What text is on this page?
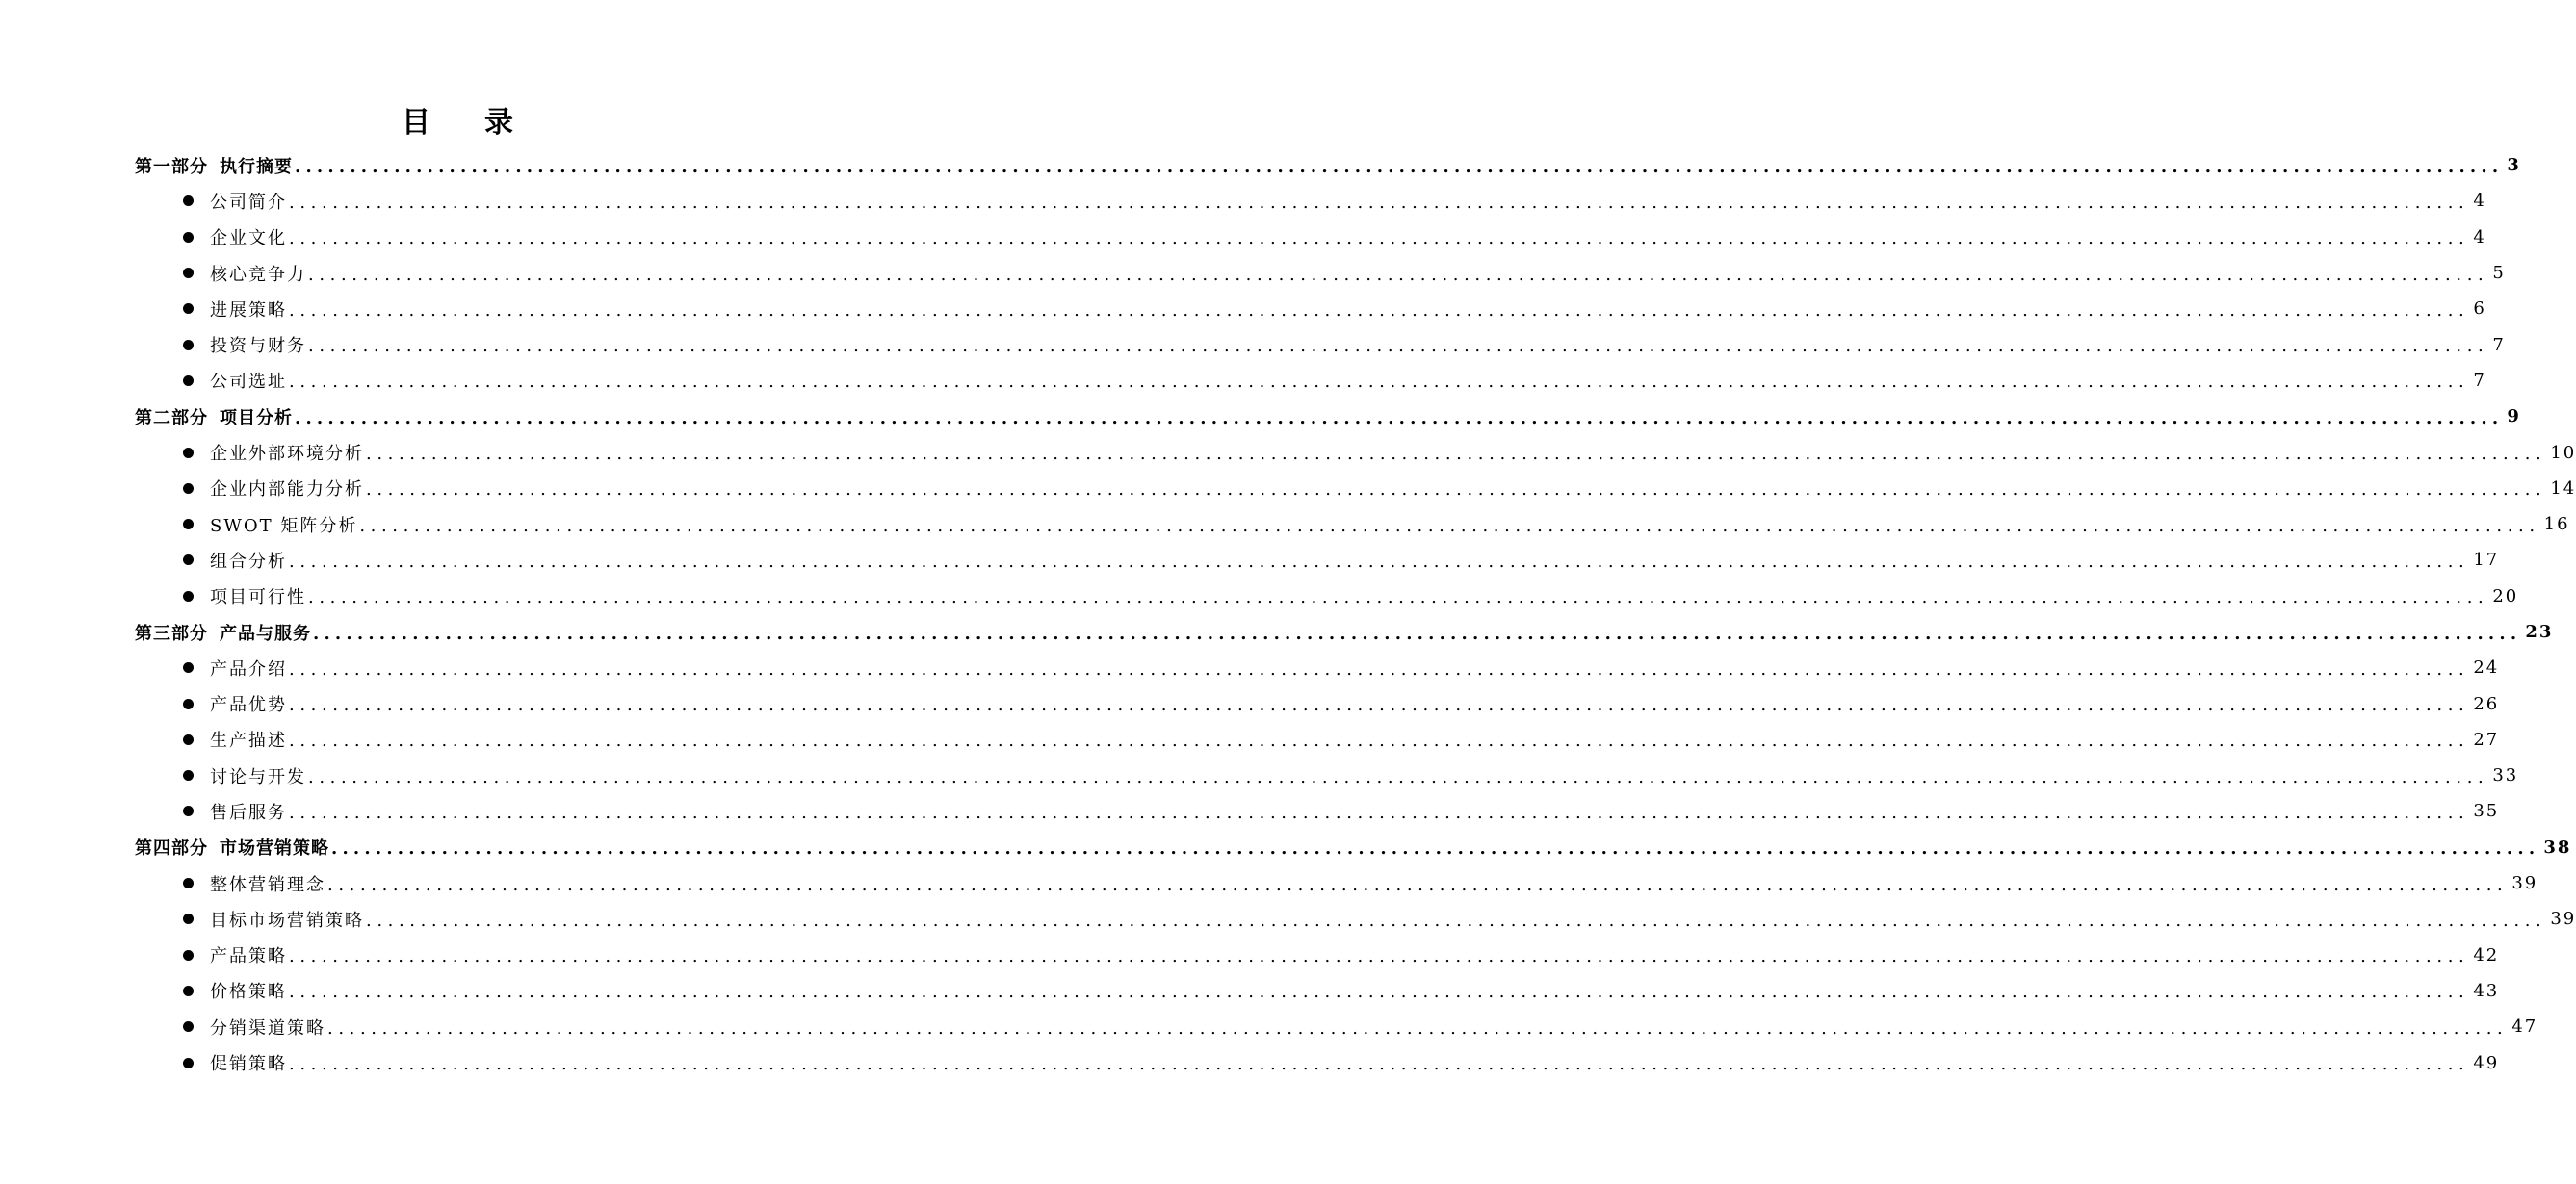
目 录
第一部分 执行摘要 ........................................................................................................................................................................................................ 3
公司简介 ........................................................................................................................................................................................................ 4
企业文化 ........................................................................................................................................................................................................ 4
核心竞争力 ........................................................................................................................................................................................................ 5
进展策略 ........................................................................................................................................................................................................ 6
投资与财务 ........................................................................................................................................................................................................ 7
公司选址 ........................................................................................................................................................................................................ 7
第二部分 项目分析 ........................................................................................................................................................................................................ 9
企业外部环境分析 ........................................................................................................................................................................................................ 10
企业内部能力分析 ........................................................................................................................................................................................................ 14
SWOT 矩阵分析 ........................................................................................................................................................................................................ 16
组合分析 ........................................................................................................................................................................................................ 17
项目可行性 ........................................................................................................................................................................................................ 20
第三部分 产品与服务 ........................................................................................................................................................................................................ 23
产品介绍 ........................................................................................................................................................................................................ 24
产品优势 ........................................................................................................................................................................................................ 26
生产描述 ........................................................................................................................................................................................................ 27
讨论与开发 ........................................................................................................................................................................................................ 33
售后服务 ........................................................................................................................................................................................................ 35
第四部分 市场营销策略 ........................................................................................................................................................................................................ 38
整体营销理念 ........................................................................................................................................................................................................ 39
目标市场营销策略 ........................................................................................................................................................................................................ 39
产品策略 ........................................................................................................................................................................................................ 42
价格策略 ........................................................................................................................................................................................................ 43
分销渠道策略 ........................................................................................................................................................................................................ 47
促销策略 ........................................................................................................................................................................................................ 49
